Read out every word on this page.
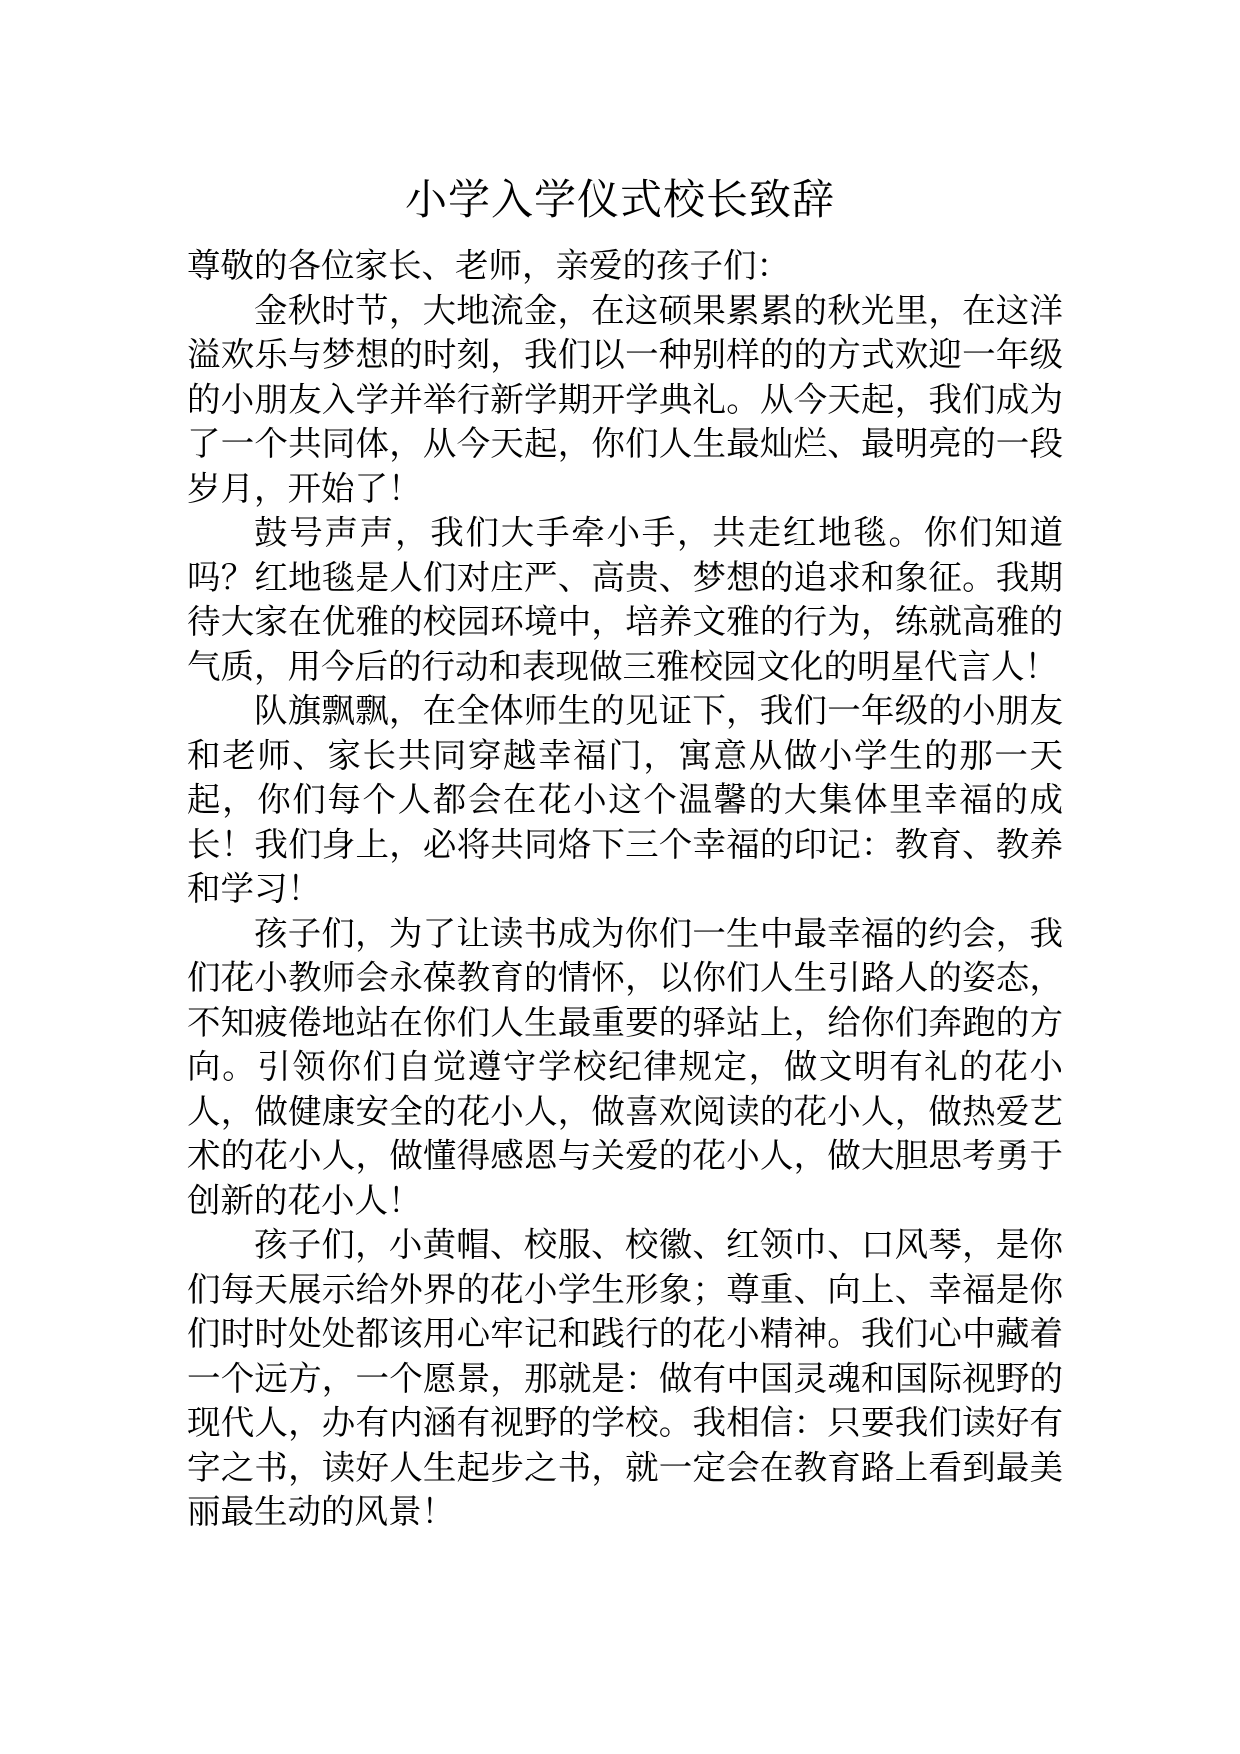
小学入学仪式校长致辞

尊敬的各位家长、老师，亲爱的孩子们：

金秋时节，大地流金，在这硕果累累的秋光里，在这洋溢欢乐与梦想的时刻，我们以一种别样的的方式欢迎一年级的小朋友入学并举行新学期开学典礼。从今天起，我们成为了一个共同体，从今天起，你们人生最灿烂、最明亮的一段岁月，开始了！

鼓号声声，我们大手牵小手，共走红地毯。你们知道吗？红地毯是人们对庄严、高贵、梦想的追求和象征。我期待大家在优雅的校园环境中，培养文雅的行为，练就高雅的气质，用今后的行动和表现做三雅校园文化的明星代言人！

队旗飘飘，在全体师生的见证下，我们一年级的小朋友和老师、家长共同穿越幸福门，寓意从做小学生的那一天起，你们每个人都会在花小这个温馨的大集体里幸福的成长！我们身上，必将共同烙下三个幸福的印记：教育、教养和学习！

孩子们，为了让读书成为你们一生中最幸福的约会，我们花小教师会永葆教育的情怀，以你们人生引路人的姿态，不知疲倦地站在你们人生最重要的驿站上，给你们奔跑的方向。引领你们自觉遵守学校纪律规定，做文明有礼的花小人，做健康安全的花小人，做喜欢阅读的花小人，做热爱艺术的花小人，做懂得感恩与关爱的花小人，做大胆思考勇于创新的花小人！

孩子们，小黄帽、校服、校徽、红领巾、口风琴，是你们每天展示给外界的花小学生形象；尊重、向上、幸福是你们时时处处都该用心牢记和践行的花小精神。我们心中藏着一个远方，一个愿景，那就是：做有中国灵魂和国际视野的现代人，办有内涵有视野的学校。我相信：只要我们读好有字之书，读好人生起步之书，就一定会在教育路上看到最美丽最生动的风景！
